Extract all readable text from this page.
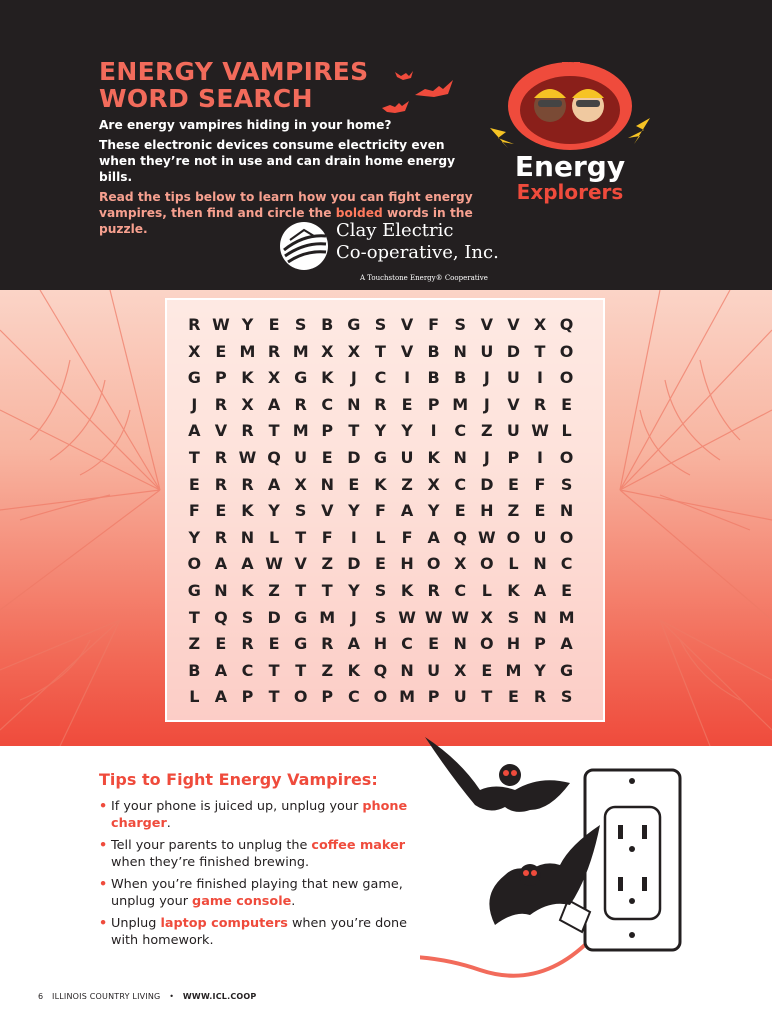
ENERGY VAMPIRES
WORD SEARCH

Are energy vampires hiding in your home?

These electronic devices consume electricity even when they’re not in use and can drain home energy bills.

Read the tips below to learn how you can fight energy vampires, then find and circle the bolded words in the puzzle.

Energy
Explorers
Clay Electric
Co-operative, Inc.
A Touchstone Energy® Cooperative
R W Y E S B G S V F S V V X Q
X E M R M X X T V B N U D T O
G P K X G K	J	C	I	B B	J	U	I	O
J	R X A R C N R E P M J	V R E
A V R T M P T Y Y	I	C Z U W L
T R W Q U E D G U K N	J	P	I	O
E R R A X N E K Z X C D E F S
F E K Y S V Y F A Y E H Z E N
Y R N L	T F	I	L	F A Q W O U O
O A A W V Z D E H O X O L N C
G N K Z T T Y S K R C L K A E
T Q S D G M J	S W W W X S N M
Z E R E G R A H C E N O H P A
B A C T T Z K Q N U X E M Y G
L A P T O P C O M P U T E R S
Tips to Fight Energy Vampires:
• If your phone is juiced up, unplug your phone charger.
• Tell your parents to unplug the coffee maker when they’re finished brewing.
• When you’re finished playing that new game, unplug your game console.
• Unplug laptop computers when you’re done with homework.
6 ILLINOIS COUNTRY LIVING • WWW.ICL.COOP
